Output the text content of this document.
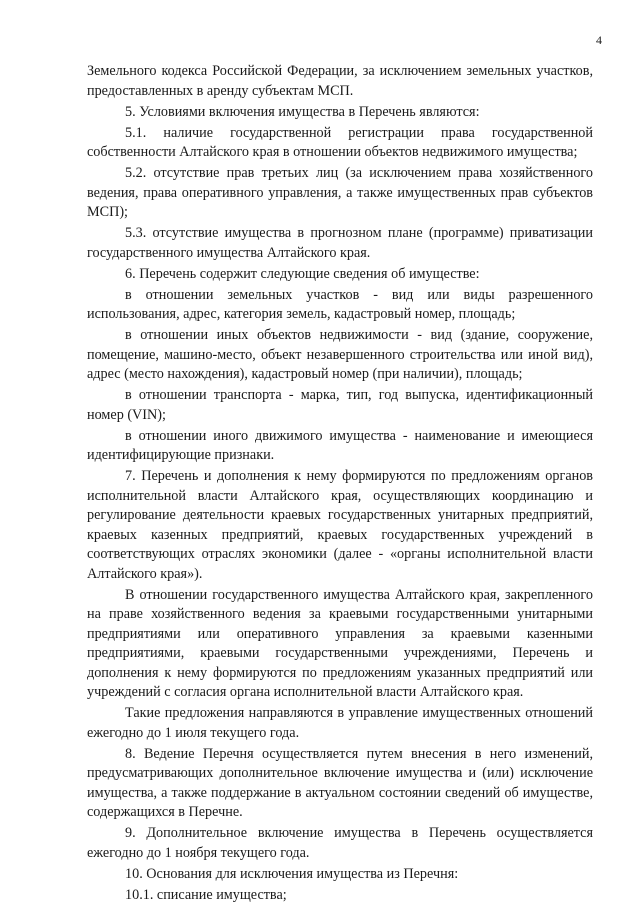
4

Земельного кодекса Российской Федерации, за исключением земельных участков, предоставленных в аренду субъектам МСП.

5. Условиями включения имущества в Перечень являются:

5.1. наличие государственной регистрации права государственной собственности Алтайского края в отношении объектов недвижимого имущества;

5.2. отсутствие прав третьих лиц (за исключением права хозяйственного ведения, права оперативного управления, а также имущественных прав субъектов МСП);

5.3. отсутствие имущества в прогнозном плане (программе) приватизации государственного имущества Алтайского края.

6. Перечень содержит следующие сведения об имуществе:

в отношении земельных участков - вид или виды разрешенного использования, адрес, категория земель, кадастровый номер, площадь;

в отношении иных объектов недвижимости - вид (здание, сооружение, помещение, машино-место, объект незавершенного строительства или иной вид), адрес (место нахождения), кадастровый номер (при наличии), площадь;

в отношении транспорта - марка, тип, год выпуска, идентификационный номер (VIN);

в отношении иного движимого имущества - наименование и имеющиеся идентифицирующие признаки.

7. Перечень и дополнения к нему формируются по предложениям органов исполнительной власти Алтайского края, осуществляющих координацию и регулирование деятельности краевых государственных унитарных предприятий, краевых казенных предприятий, краевых государственных учреждений в соответствующих отраслях экономики (далее - «органы исполнительной власти Алтайского края»).

В отношении государственного имущества Алтайского края, закрепленного на праве хозяйственного ведения за краевыми государственными унитарными предприятиями или оперативного управления за краевыми казенными предприятиями, краевыми государственными учреждениями, Перечень и дополнения к нему формируются по предложениям указанных предприятий или учреждений с согласия органа исполнительной власти Алтайского края.

Такие предложения направляются в управление имущественных отношений ежегодно до 1 июля текущего года.

8. Ведение Перечня осуществляется путем внесения в него изменений, предусматривающих дополнительное включение имущества и (или) исключение имущества, а также поддержание в актуальном состоянии сведений об имуществе, содержащихся в Перечне.

9. Дополнительное включение имущества в Перечень осуществляется ежегодно до 1 ноября текущего года.

10. Основания для исключения имущества из Перечня:

10.1. списание имущества;
